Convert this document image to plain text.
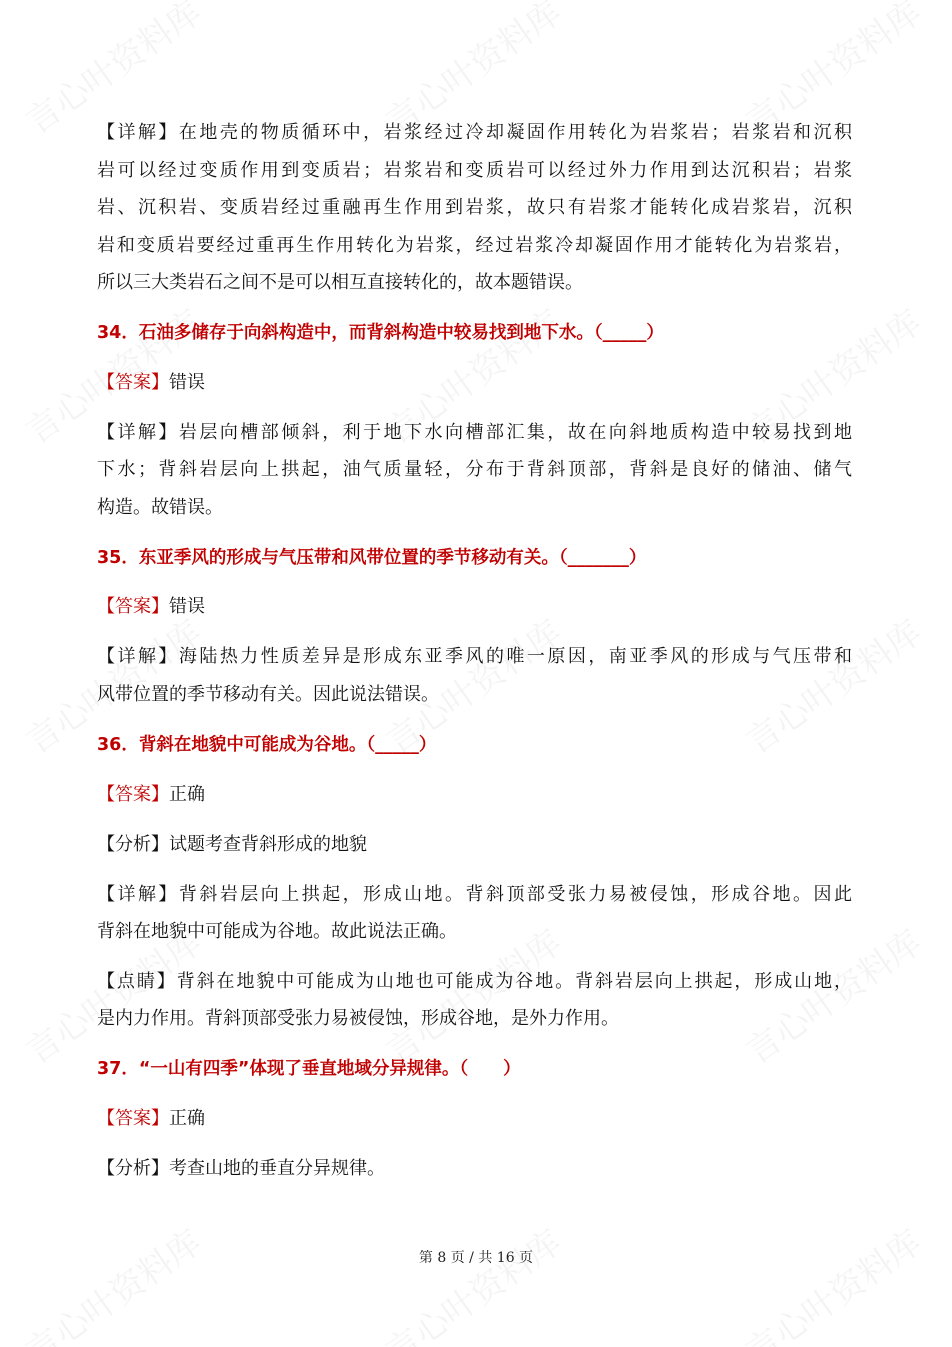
【详解】在地壳的物质循环中，岩浆经过冷却凝固作用转化为岩浆岩；岩浆岩和沉积
岩可以经过变质作用到变质岩；岩浆岩和变质岩可以经过外力作用到达沉积岩；岩浆
岩、沉积岩、变质岩经过重融再生作用到岩浆，故只有岩浆才能转化成岩浆岩，沉积
岩和变质岩要经过重再生作用转化为岩浆，经过岩浆冷却凝固作用才能转化为岩浆岩，
所以三大类岩石之间不是可以相互直接转化的，故本题错误。
34．石油多储存于向斜构造中，而背斜构造中较易找到地下水。（_____）
【答案】错误
【详解】岩层向槽部倾斜，利于地下水向槽部汇集，故在向斜地质构造中较易找到地
下水；背斜岩层向上拱起，油气质量轻，分布于背斜顶部，背斜是良好的储油、储气
构造。故错误。
35．东亚季风的形成与气压带和风带位置的季节移动有关。（_______）
【答案】错误
【详解】海陆热力性质差异是形成东亚季风的唯一原因，南亚季风的形成与气压带和
风带位置的季节移动有关。因此说法错误。
36．背斜在地貌中可能成为谷地。（_____）
【答案】正确
【分析】试题考查背斜形成的地貌
【详解】背斜岩层向上拱起，形成山地。背斜顶部受张力易被侵蚀，形成谷地。因此
背斜在地貌中可能成为谷地。故此说法正确。
【点睛】背斜在地貌中可能成为山地也可能成为谷地。背斜岩层向上拱起，形成山地，
是内力作用。背斜顶部受张力易被侵蚀，形成谷地，是外力作用。
37．“一山有四季”体现了垂直地域分异规律。（　　）
【答案】正确
【分析】考查山地的垂直分异规律。
第 8 页 / 共 16 页
